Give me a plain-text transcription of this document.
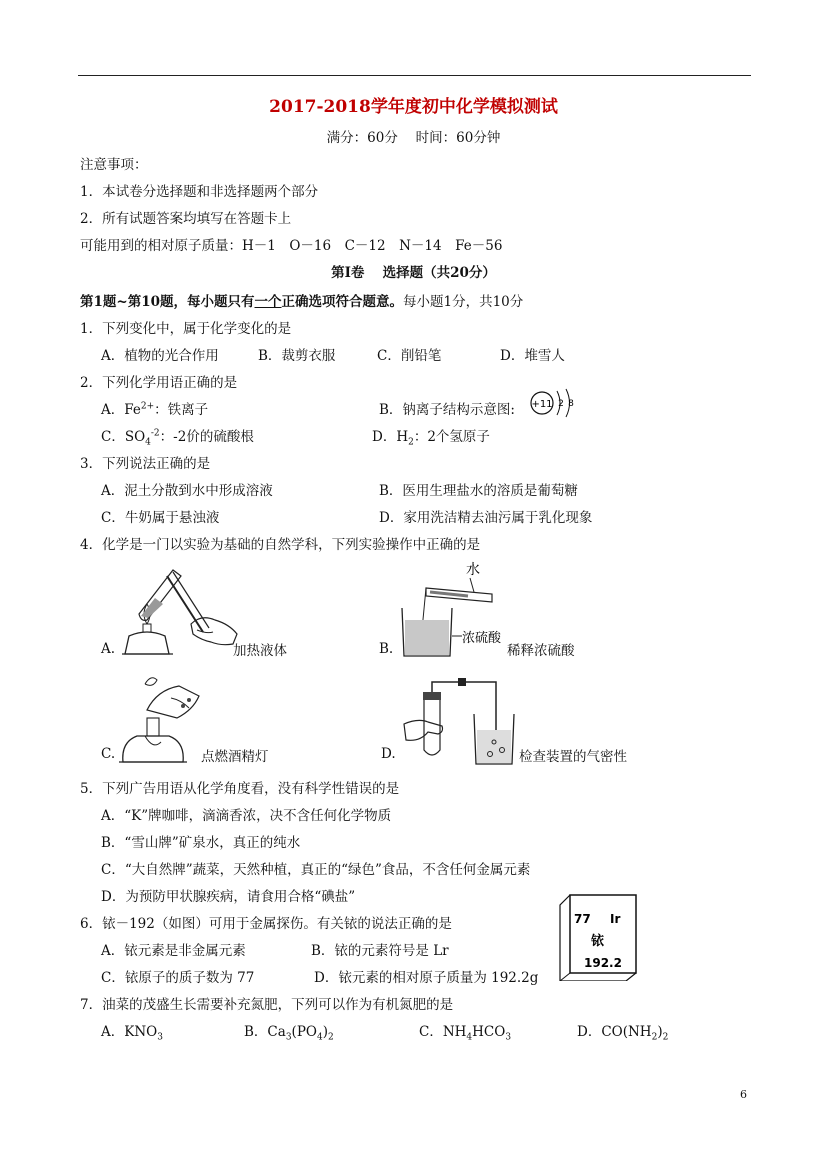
2017-2018学年度初中化学模拟测试
满分：60分　 时间：60分钟
注意事项：
1．本试卷分选择题和非选择题两个部分
2．所有试题答案均填写在答题卡上
可能用到的相对原子质量：H－1　O－16　C－12　N－14　Fe－56
第Ⅰ卷　 选择题（共20分）
第1题~第10题，每小题只有一个正确选项符合题意。每小题1分，共10分
1．下列变化中，属于化学变化的是
A．植物的光合作用	B．裁剪衣服	C．削铅笔	D．堆雪人
2．下列化学用语正确的是
A．$Fe^{2+}$：铁离子	B．钠离子结构示意图: +11 2 8
C．$SO_4^{-2}$：-2价的硫酸根	D．$H_2$：2个氢原子
3．下列说法正确的是
A．泥土分散到水中形成溶液	B．医用生理盐水的溶质是葡萄糖
C．牛奶属于悬浊液	D．家用洗洁精去油污属于乳化现象
4．化学是一门以实验为基础的自然学科，下列实验操作中正确的是
A.	加热液体	B.
水
浓硫酸
稀释浓硫酸
C.	点燃酒精灯	D.	检查装置的气密性
5．下列广告用语从化学角度看，没有科学性错误的是
A．“K”牌咖啡，滴滴香浓，决不含任何化学物质
B．“雪山牌”矿泉水，真正的纯水
C．“大自然牌”蔬菜，天然种植，真正的“绿色”食品，不含任何金属元素
D．为预防甲状腺疾病，请食用合格“碘盐”
6．铱－192（如图）可用于金属探伤。有关铱的说法正确的是
A．铱元素是非金属元素	B．铱的元素符号是 Lr
C．铱原子的质子数为 77	D．铱元素的相对原子质量为 192.2g
77 Ir
铱
192.2
7．油菜的茂盛生长需要补充氮肥，下列可以作为有机氮肥的是
A．$KNO_3$	B．$Ca_3(PO_4)_2$	C．$NH_4HCO_3$	D．$CO(NH_2)_2$
6
